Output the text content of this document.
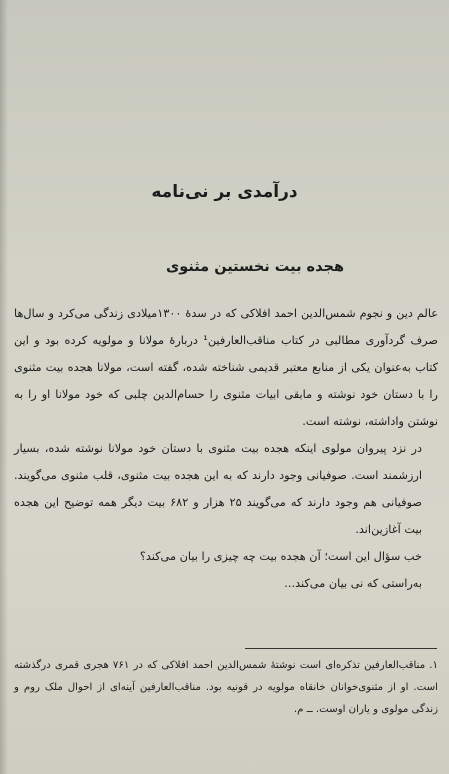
درآمدی بر نی‌نامه
هجده بیت نخستین مثنوی

عالم دین و نجوم شمس‌الدین احمد افلاکی که در سدهٔ ۱۳۰۰میلادی زندگی می‌کرد و سال‌ها صرف گردآوری مطالبی در کتاب مناقب‌العارفین¹ دربارهٔ مولانا و مولویه کرده بود و این کتاب به‌عنوان یکی از منابع معتبر قدیمی شناخته شده، گفته است، مولانا هجده بیت مثنوی را با دستان خود نوشته و مابقی ابیات مثنوی را حسام‌الدین چلبی که خود مولانا او را به نوشتن واداشته، نوشته است.

در نزد پیروان مولوی اینکه هجده بیت مثنوی با دستان خود مولانا نوشته شده، بسیار ارزشمند است. صوفیانی وجود دارند که به این هجده بیت مثنوی، قلب مثنوی می‌گویند. صوفیانی هم وجود دارند که می‌گویند ۲۵ هزار و ۶۸۲ بیت دیگر همه توضیح این هجده بیت آغازین‌اند.

خب سؤال این است؛ آن هجده بیت چه چیزی را بیان می‌کند؟

به‌راستی که نی بیان می‌کند...

۱. مناقب‌العارفین تذکره‌ای است نوشتهٔ شمس‌الدین احمد افلاکی که در ۷۶۱ هجری قمری درگذشته است. او از مثنوی‌خوانان خانقاه مولویه در قونیه بود. مناقب‌العارفین آینه‌ای از احوال ملک روم و زندگی مولوی و یاران اوست. ــ م.
